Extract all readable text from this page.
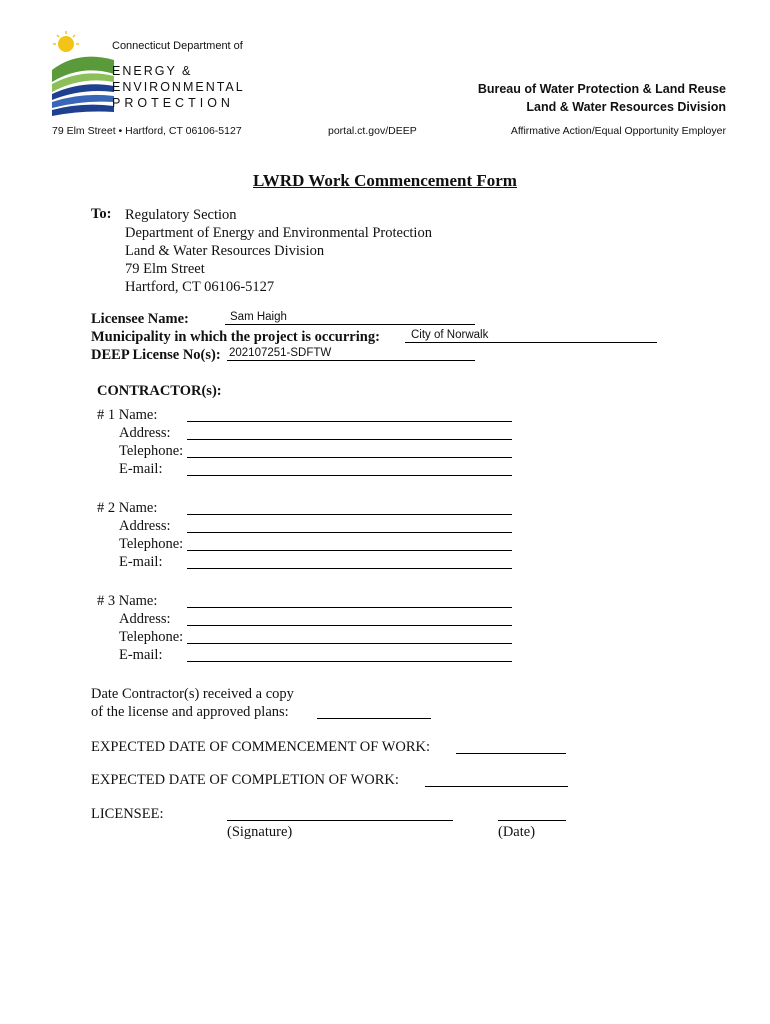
Connecticut Department of
ENERGY &
ENVIRONMENTAL
PROTECTION
Bureau of Water Protection & Land Reuse
Land & Water Resources Division
79 Elm Street • Hartford, CT 06106-5127	portal.ct.gov/DEEP	Affirmative Action/Equal Opportunity Employer
LWRD Work Commencement Form
To: Regulatory Section
Department of Energy and Environmental Protection
Land & Water Resources Division
79 Elm Street
Hartford, CT 06106-5127
Licensee Name:	Sam Haigh
Municipality in which the project is occurring:	City of Norwalk
DEEP License No(s): 202107251-SDFTW
CONTRACTOR(s):
# 1 Name:
Address:
Telephone:
E-mail:
# 2 Name:
Address:
Telephone:
E-mail:
# 3 Name:
Address:
Telephone:
E-mail:
Date Contractor(s) received a copy
of the license and approved plans:
EXPECTED DATE OF COMMENCEMENT OF WORK:
EXPECTED DATE OF COMPLETION OF WORK:
LICENSEE:
(Signature)	(Date)
